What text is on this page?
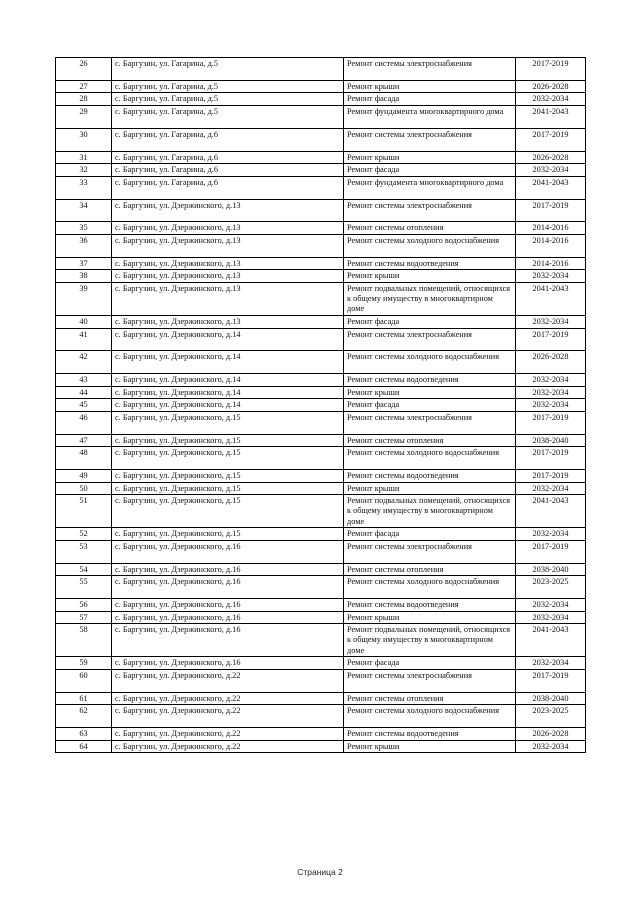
26	с. Баргузин, ул. Гагарина, д.5	Ремонт системы электроснабжения	2017-2019
27	с. Баргузин, ул. Гагарина, д.5	Ремонт крыши	2026-2028
28	с. Баргузин, ул. Гагарина, д.5	Ремонт фасада	2032-2034
29	с. Баргузин, ул. Гагарина, д.5	Ремонт фундамента многоквартирного дома	2041-2043
30	с. Баргузин, ул. Гагарина, д.6	Ремонт системы электроснабжения	2017-2019
31	с. Баргузин, ул. Гагарина, д.6	Ремонт крыши	2026-2028
32	с. Баргузин, ул. Гагарина, д.6	Ремонт фасада	2032-2034
33	с. Баргузин, ул. Гагарина, д.6	Ремонт фундамента многоквартирного дома	2041-2043
34	с. Баргузин, ул. Дзержинского, д.13	Ремонт системы электроснабжения	2017-2019
35	с. Баргузин, ул. Дзержинского, д.13	Ремонт системы отопления	2014-2016
36	с. Баргузин, ул. Дзержинского, д.13	Ремонт системы холодного водоснабжения	2014-2016
37	с. Баргузин, ул. Дзержинского, д.13	Ремонт системы водоотведения	2014-2016
38	с. Баргузин, ул. Дзержинского, д.13	Ремонт крыши	2032-2034
39	с. Баргузин, ул. Дзержинского, д.13	Ремонт подвальных помещений, относящихся к общему имуществу в многоквартирном доме	2041-2043
40	с. Баргузин, ул. Дзержинского, д.13	Ремонт фасада	2032-2034
41	с. Баргузин, ул. Дзержинского, д.14	Ремонт системы электроснабжения	2017-2019
42	с. Баргузин, ул. Дзержинского, д.14	Ремонт системы холодного водоснабжения	2026-2028
43	с. Баргузин, ул. Дзержинского, д.14	Ремонт системы водоотведения	2032-2034
44	с. Баргузин, ул. Дзержинского, д.14	Ремонт крыши	2032-2034
45	с. Баргузин, ул. Дзержинского, д.14	Ремонт фасада	2032-2034
46	с. Баргузин, ул. Дзержинского, д.15	Ремонт системы электроснабжения	2017-2019
47	с. Баргузин, ул. Дзержинского, д.15	Ремонт системы отопления	2038-2040
48	с. Баргузин, ул. Дзержинского, д.15	Ремонт системы холодного водоснабжения	2017-2019
49	с. Баргузин, ул. Дзержинского, д.15	Ремонт системы водоотведения	2017-2019
50	с. Баргузин, ул. Дзержинского, д.15	Ремонт крыши	2032-2034
51	с. Баргузин, ул. Дзержинского, д.15	Ремонт подвальных помещений, относящихся к общему имуществу в многоквартирном доме	2041-2043
52	с. Баргузин, ул. Дзержинского, д.15	Ремонт фасада	2032-2034
53	с. Баргузин, ул. Дзержинского, д.16	Ремонт системы электроснабжения	2017-2019
54	с. Баргузин, ул. Дзержинского, д.16	Ремонт системы отопления	2038-2040
55	с. Баргузин, ул. Дзержинского, д.16	Ремонт системы холодного водоснабжения	2023-2025
56	с. Баргузин, ул. Дзержинского, д.16	Ремонт системы водоотведения	2032-2034
57	с. Баргузин, ул. Дзержинского, д.16	Ремонт крыши	2032-2034
58	с. Баргузин, ул. Дзержинского, д.16	Ремонт подвальных помещений, относящихся к общему имуществу в многоквартирном доме	2041-2043
59	с. Баргузин, ул. Дзержинского, д.16	Ремонт фасада	2032-2034
60	с. Баргузин, ул. Дзержинского, д.22	Ремонт системы электроснабжения	2017-2019
61	с. Баргузин, ул. Дзержинского, д.22	Ремонт системы отопления	2038-2040
62	с. Баргузин, ул. Дзержинского, д.22	Ремонт системы холодного водоснабжения	2023-2025
63	с. Баргузин, ул. Дзержинского, д.22	Ремонт системы водоотведения	2026-2028
64	с. Баргузин, ул. Дзержинского, д.22	Ремонт крыши	2032-2034
Страница 2
